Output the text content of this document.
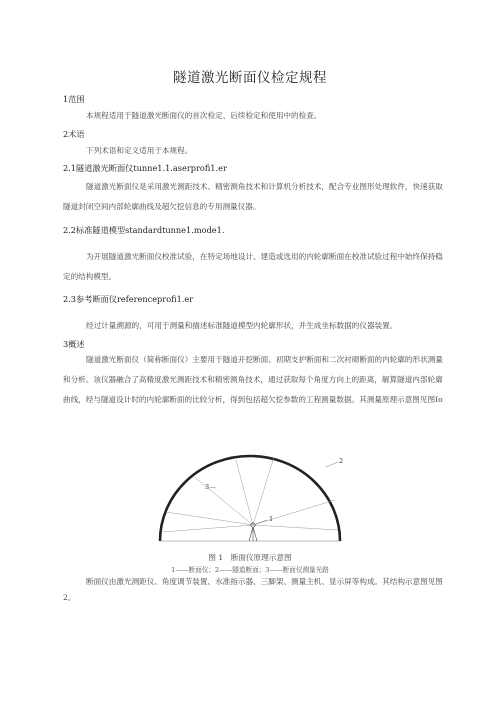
隧道激光断面仪检定规程
1范围

本规程适用于隧道激光断面仪的首次检定、后续检定和使用中的检查。

2术语

下列术语和定义适用于本规程。

2.1隧道激光断面仪tunne1.1.aserprofi1.er

隧道激光断面仪是采用激光测距技术、精密测角技术和计算机分析技术，配合专业图形处理软件，快速获取隧道封闭空间内部轮廓曲线及超欠挖信息的专用测量仪器。

2.2标准隧道模型standardtunne1.mode1.

为开展隧道激光断面仪校准试验，在特定场地设计、建造或选用的内轮廓断面在校准试验过程中始终保持稳定的结构模型。

2.3参考断面仪referenceprofi1.er

经过计量溯源的，可用于测量和描述标准隧道模型内轮廓形状，并生成坐标数据的仪器装置。

3概述

隧道激光断面仪（简称断面仪）主要用于隧道开挖断面、初期支护断面和二次衬砌断面的内轮廓的形状测量和分析。该仪器融合了高精度激光测距技术和精密测角技术，通过获取每个角度方向上的距离，解算隧道内部轮廓曲线，经与隧道设计时的内轮廓断面的比较分析，得到包括超欠挖参数的工程测量数据。其测量原理示意图见图Io

3
2
1
图 1　断面仪原理示意图
1——断面仪；2——隧道断面；3——断面仪测量光路

断面仪由激光测距仪、角度调节装置、水准指示器、三脚架、测量主机、显示屏等构成。其结构示意图见图2。
